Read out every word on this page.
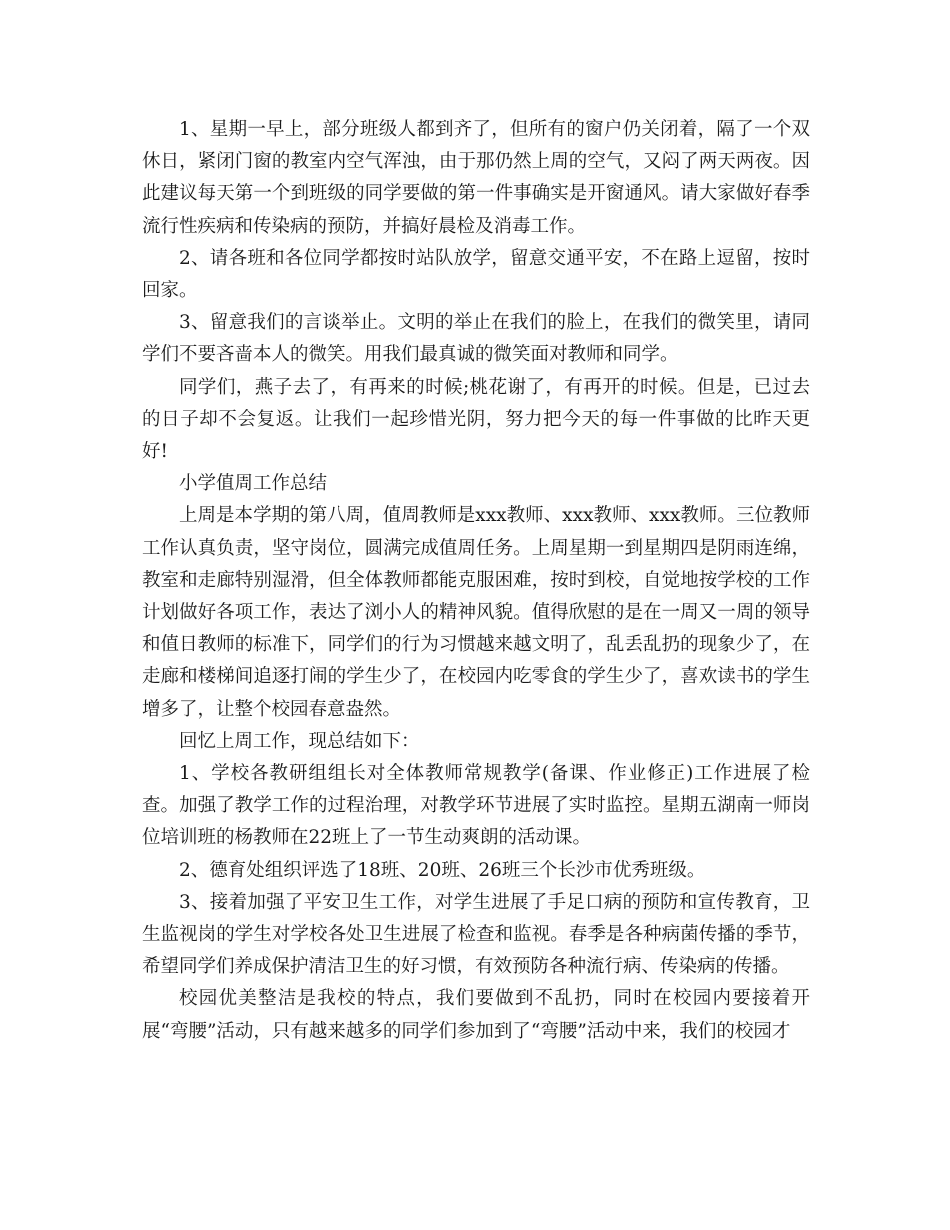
1、星期一早上，部分班级人都到齐了，但所有的窗户仍关闭着，隔了一个双休日，紧闭门窗的教室内空气浑浊，由于那仍然上周的空气，又闷了两天两夜。因此建议每天第一个到班级的同学要做的第一件事确实是开窗通风。请大家做好春季流行性疾病和传染病的预防，并搞好晨检及消毒工作。

2、请各班和各位同学都按时站队放学，留意交通平安，不在路上逗留，按时回家。

3、留意我们的言谈举止。文明的举止在我们的脸上，在我们的微笑里，请同学们不要吝啬本人的微笑。用我们最真诚的微笑面对教师和同学。

同学们，燕子去了，有再来的时候;桃花谢了，有再开的时候。但是，已过去的日子却不会复返。让我们一起珍惜光阴，努力把今天的每一件事做的比昨天更好!

小学值周工作总结

上周是本学期的第八周，值周教师是xxx教师、xxx教师、xxx教师。三位教师工作认真负责，坚守岗位，圆满完成值周任务。上周星期一到星期四是阴雨连绵，教室和走廊特别湿滑，但全体教师都能克服困难，按时到校，自觉地按学校的工作计划做好各项工作，表达了浏小人的精神风貌。值得欣慰的是在一周又一周的领导和值日教师的标准下，同学们的行为习惯越来越文明了，乱丢乱扔的现象少了，在走廊和楼梯间追逐打闹的学生少了，在校园内吃零食的学生少了，喜欢读书的学生增多了，让整个校园春意盎然。

回忆上周工作，现总结如下：

1、学校各教研组组长对全体教师常规教学(备课、作业修正)工作进展了检查。加强了教学工作的过程治理，对教学环节进展了实时监控。星期五湖南一师岗位培训班的杨教师在22班上了一节生动爽朗的活动课。

2、德育处组织评选了18班、20班、26班三个长沙市优秀班级。

3、接着加强了平安卫生工作，对学生进展了手足口病的预防和宣传教育，卫生监视岗的学生对学校各处卫生进展了检查和监视。春季是各种病菌传播的季节，希望同学们养成保护清洁卫生的好习惯，有效预防各种流行病、传染病的传播。

校园优美整洁是我校的特点，我们要做到不乱扔，同时在校园内要接着开展“弯腰”活动，只有越来越多的同学们参加到了“弯腰”活动中来，我们的校园才
